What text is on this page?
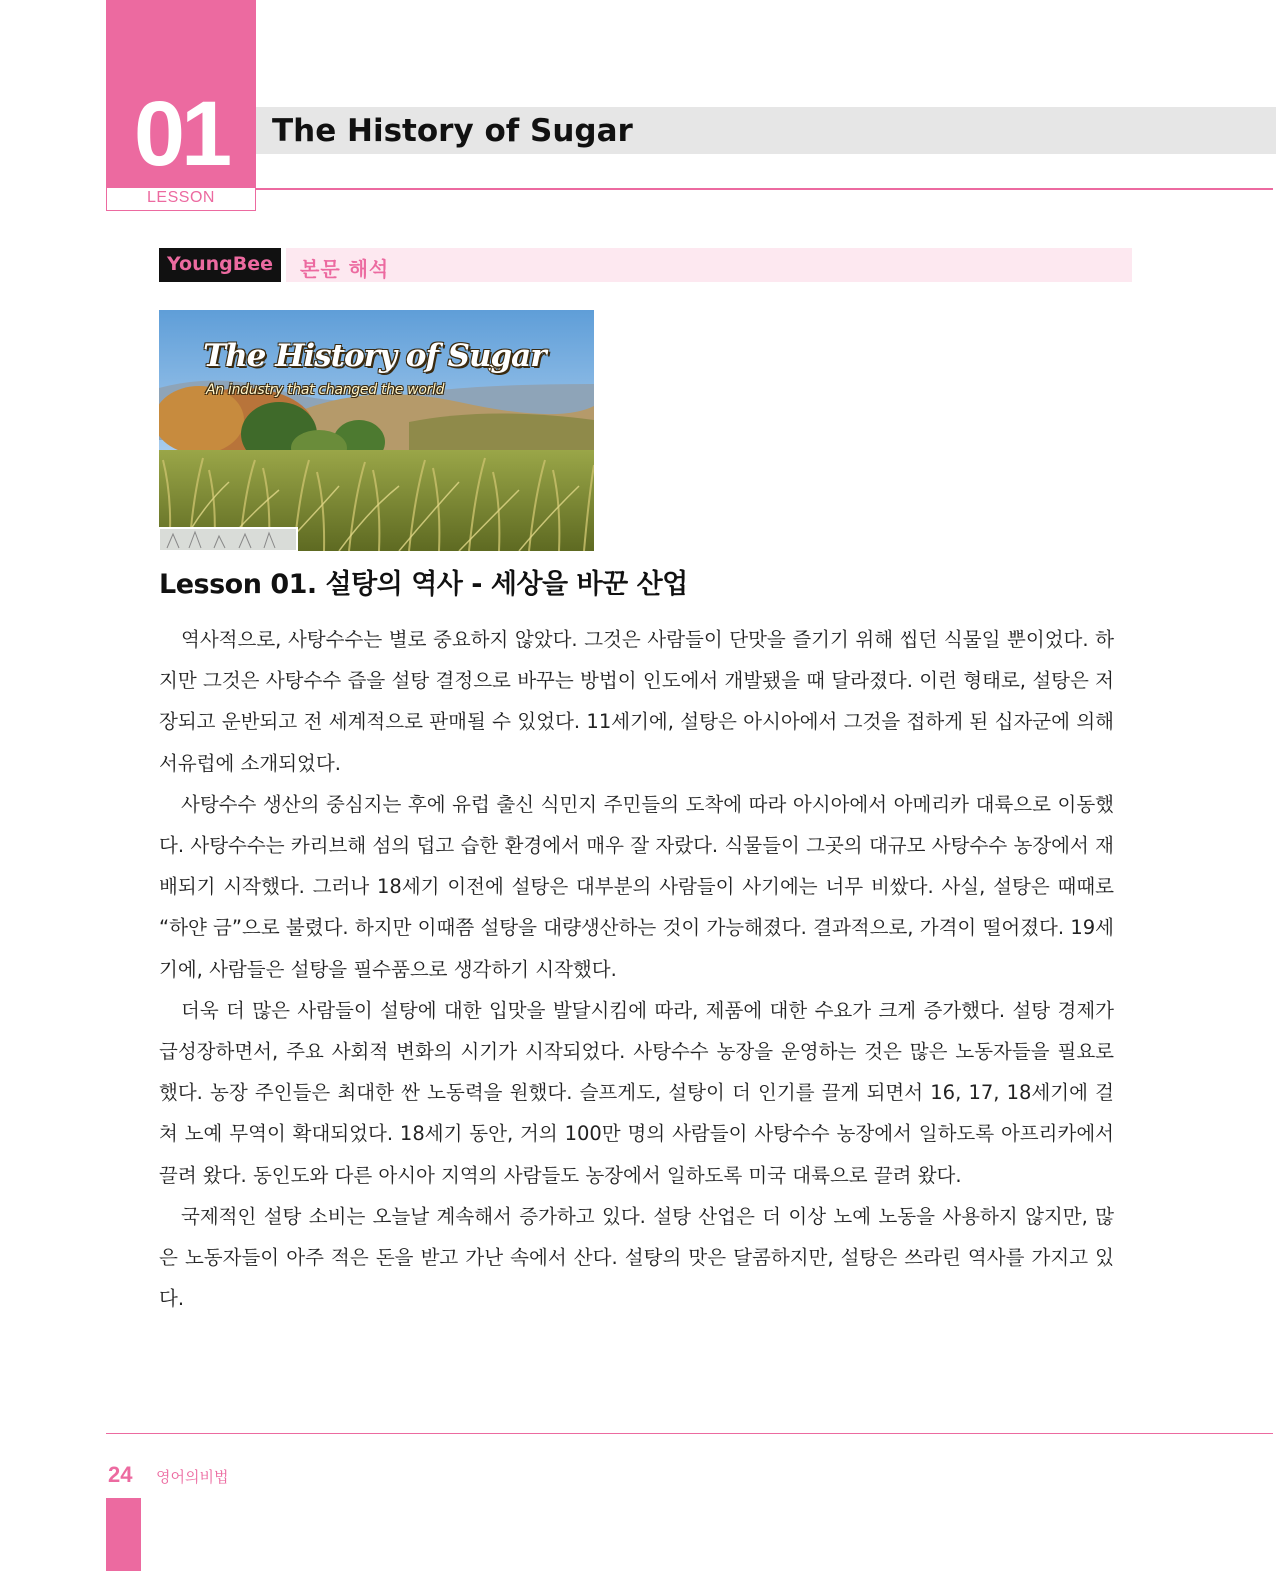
01
LESSON
The History of Sugar
YoungBee	본문 해석
The History of Sugar
An industry that changed the world
Lesson 01. 설탕의 역사 - 세상을 바꾼 산업

역사적으로, 사탕수수는 별로 중요하지 않았다. 그것은 사람들이 단맛을 즐기기 위해 씹던 식물일 뿐이었다. 하지만 그것은 사탕수수 즙을 설탕 결정으로 바꾸는 방법이 인도에서 개발됐을 때 달라졌다. 이런 형태로, 설탕은 저장되고 운반되고 전 세계적으로 판매될 수 있었다. 11세기에, 설탕은 아시아에서 그것을 접하게 된 십자군에 의해 서유럽에 소개되었다.

사탕수수 생산의 중심지는 후에 유럽 출신 식민지 주민들의 도착에 따라 아시아에서 아메리카 대륙으로 이동했다. 사탕수수는 카리브해 섬의 덥고 습한 환경에서 매우 잘 자랐다. 식물들이 그곳의 대규모 사탕수수 농장에서 재배되기 시작했다. 그러나 18세기 이전에 설탕은 대부분의 사람들이 사기에는 너무 비쌌다. 사실, 설탕은 때때로 “하얀 금”으로 불렸다. 하지만 이때쯤 설탕을 대량생산하는 것이 가능해졌다. 결과적으로, 가격이 떨어졌다. 19세기에, 사람들은 설탕을 필수품으로 생각하기 시작했다.

더욱 더 많은 사람들이 설탕에 대한 입맛을 발달시킴에 따라, 제품에 대한 수요가 크게 증가했다. 설탕 경제가 급성장하면서, 주요 사회적 변화의 시기가 시작되었다. 사탕수수 농장을 운영하는 것은 많은 노동자들을 필요로 했다. 농장 주인들은 최대한 싼 노동력을 원했다. 슬프게도, 설탕이 더 인기를 끌게 되면서 16, 17, 18세기에 걸쳐 노예 무역이 확대되었다. 18세기 동안, 거의 100만 명의 사람들이 사탕수수 농장에서 일하도록 아프리카에서 끌려 왔다. 동인도와 다른 아시아 지역의 사람들도 농장에서 일하도록 미국 대륙으로 끌려 왔다.

국제적인 설탕 소비는 오늘날 계속해서 증가하고 있다. 설탕 산업은 더 이상 노예 노동을 사용하지 않지만, 많은 노동자들이 아주 적은 돈을 받고 가난 속에서 산다. 설탕의 맛은 달콤하지만, 설탕은 쓰라린 역사를 가지고 있다.

24 영어의비법
